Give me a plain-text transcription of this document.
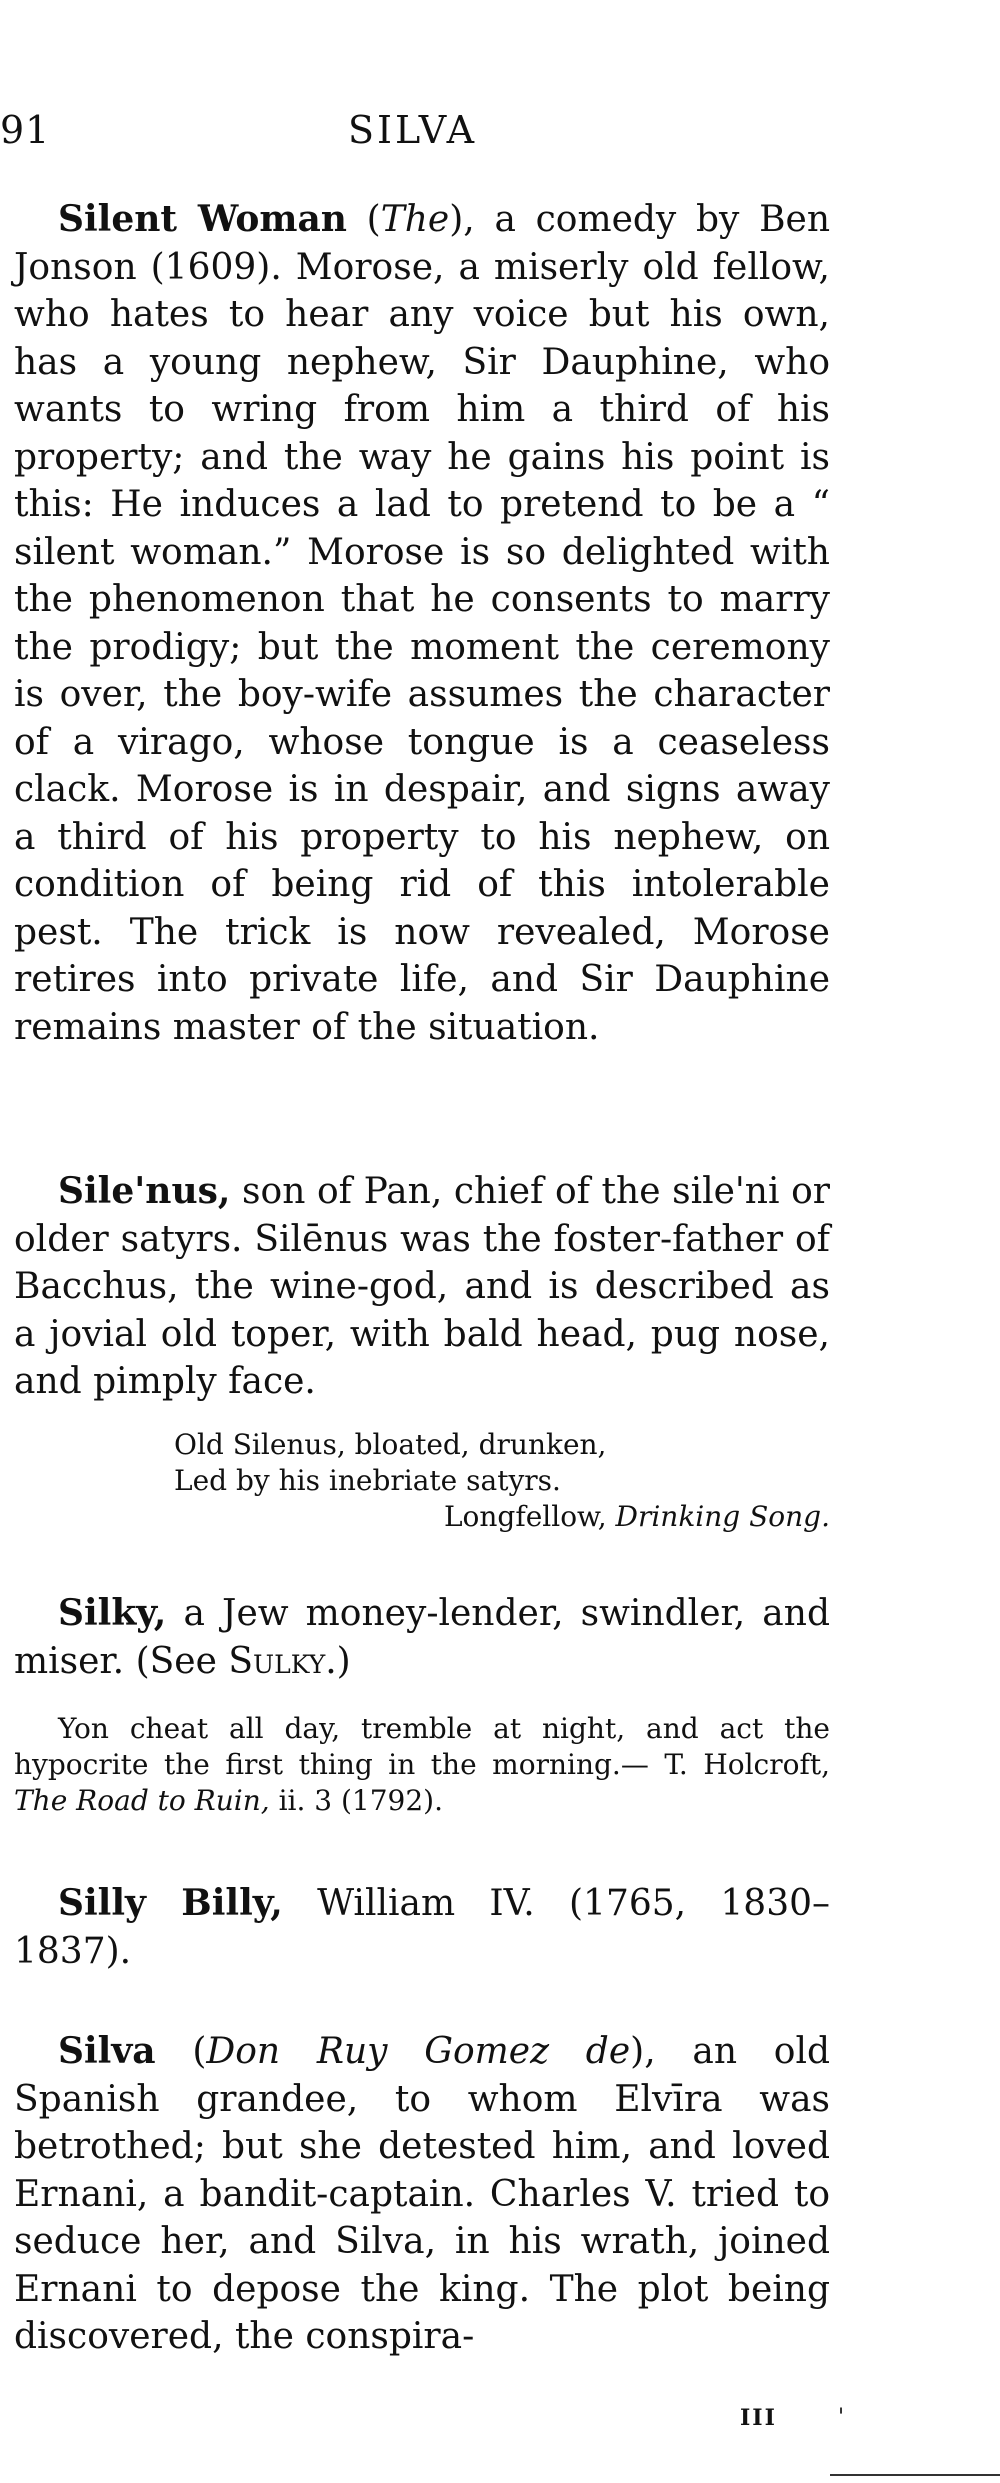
91	SILVA

Silent Woman (The), a comedy by Ben Jonson (1609). Morose, a miserly old fellow, who hates to hear any voice but his own, has a young nephew, Sir Dauphine, who wants to wring from him a third of his property; and the way he gains his point is this: He induces a lad to pretend to be a “ silent woman.” Morose is so delighted with the phenomenon that he consents to marry the prodigy; but the moment the ceremony is over, the boy-wife assumes the character of a virago, whose tongue is a ceaseless clack. Morose is in despair, and signs away a third of his property to his nephew, on condition of being rid of this intolerable pest. The trick is now revealed, Morose retires into private life, and Sir Dauphine remains master of the situation.

Sile'nus, son of Pan, chief of the sile'ni or older satyrs. Silēnus was the foster-father of Bacchus, the wine-god, and is described as a jovial old toper, with bald head, pug nose, and pimply face.

Old Silenus, bloated, drunken,
Led by his inebriate satyrs.
Longfellow, Drinking Song.

Silky, a Jew money-lender, swindler, and miser. (See Sulky.)

Yon cheat all day, tremble at night, and act the hypocrite the first thing in the morning.— T. Holcroft, The Road to Ruin, ii. 3 (1792).

Silly Billy, William IV. (1765, 1830–1837).

Silva (Don Ruy Gomez de), an old Spanish grandee, to whom Elvīra was betrothed; but she detested him, and loved Ernani, a bandit-captain. Charles V. tried to seduce her, and Silva, in his wrath, joined Ernani to depose the king. The plot being discovered, the conspira-

III	'
